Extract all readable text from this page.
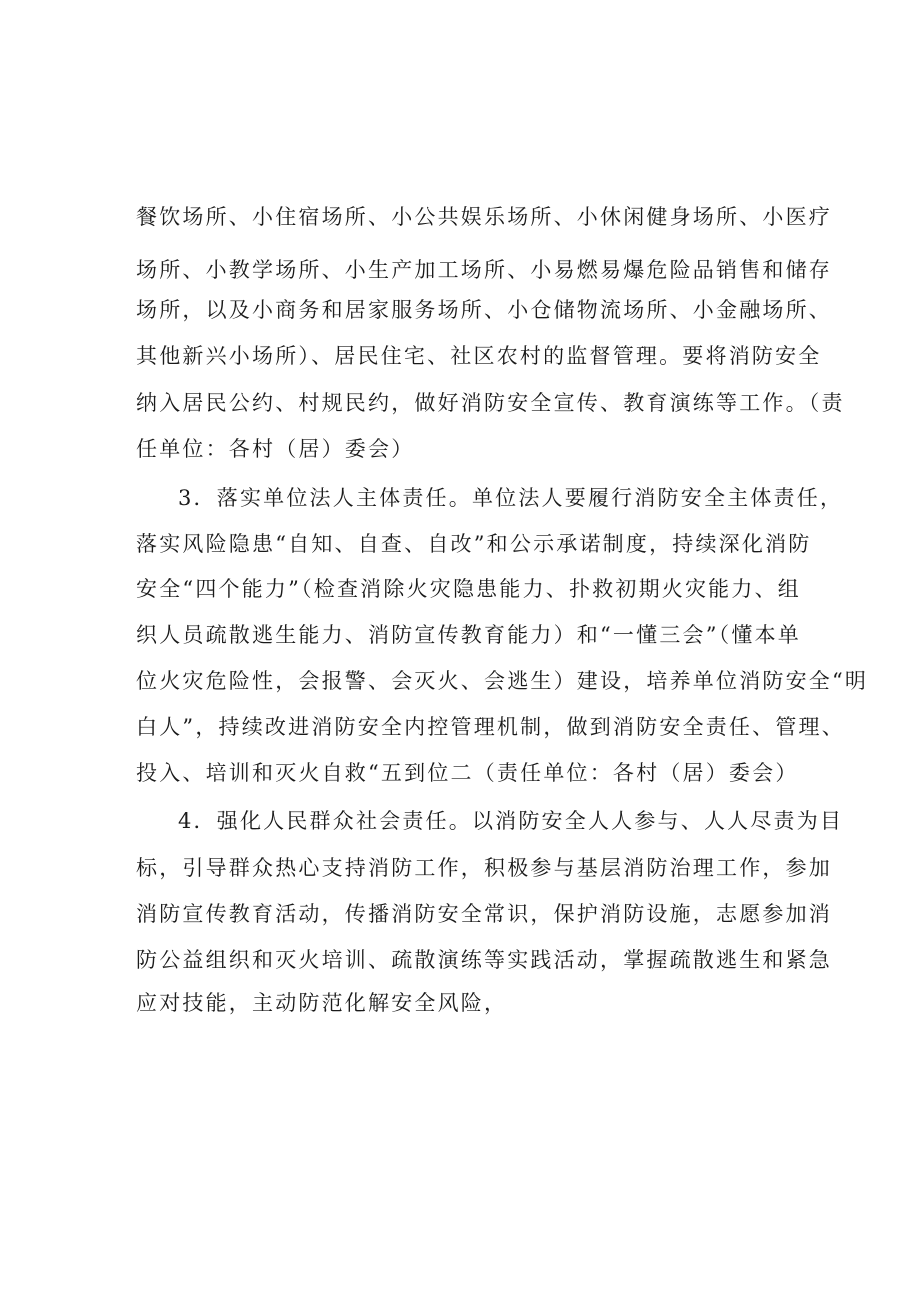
餐饮场所、小住宿场所、小公共娱乐场所、小休闲健身场所、小医疗
场所、小教学场所、小生产加工场所、小易燃易爆危险品销售和储存
场所，以及小商务和居家服务场所、小仓储物流场所、小金融场所、
其他新兴小场所）、居民住宅、社区农村的监督管理。要将消防安全
纳入居民公约、村规民约，做好消防安全宣传、教育演练等工作。（责
任单位：各村（居）委会）
3．落实单位法人主体责任。单位法人要履行消防安全主体责任，
落实风险隐患“自知、自查、自改”和公示承诺制度，持续深化消防
安全“四个能力”（检查消除火灾隐患能力、扑救初期火灾能力、组
织人员疏散逃生能力、消防宣传教育能力）和“一懂三会”（懂本单
位火灾危险性，会报警、会灭火、会逃生）建设，培养单位消防安全“明
白人”，持续改进消防安全内控管理机制，做到消防安全责任、管理、
投入、培训和灭火自救“五到位二（责任单位：各村（居）委会）
4．强化人民群众社会责任。以消防安全人人参与、人人尽责为目
标，引导群众热心支持消防工作，积极参与基层消防治理工作，参加
消防宣传教育活动，传播消防安全常识，保护消防设施，志愿参加消
防公益组织和灭火培训、疏散演练等实践活动，掌握疏散逃生和紧急
应对技能，主动防范化解安全风险，
